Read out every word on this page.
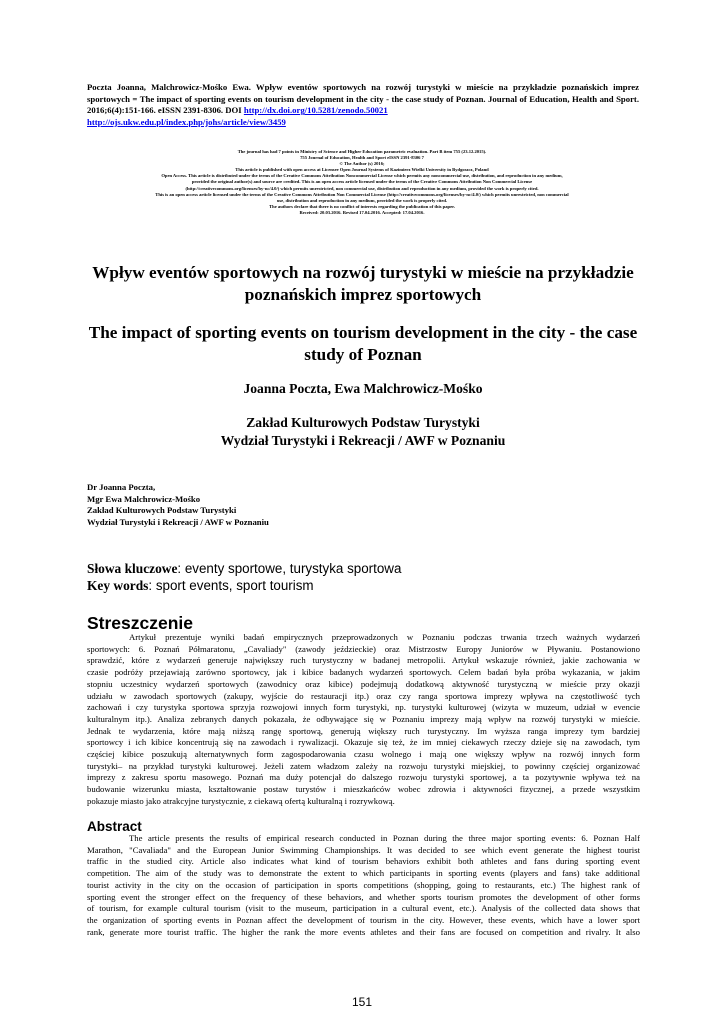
Poczta Joanna, Malchrowicz-Mośko Ewa. Wpływ eventów sportowych na rozwój turystyki w mieście na przykładzie poznańskich imprez sportowych = The impact of sporting events on tourism development in the city - the case study of Poznan. Journal of Education, Health and Sport. 2016;6(4):151-166. eISSN 2391-8306. DOI http://dx.doi.org/10.5281/zenodo.50021
http://ojs.ukw.edu.pl/index.php/johs/article/view/3459
The journal has had 7 points in Ministry of Science and Higher Education parametric evaluation. Part B item 755 (23.12.2015).
755 Journal of Education, Health and Sport eISSN 2391-8306 7
© The Author (s) 2016;
This article is published with open access at Licensee Open Journal Systems of Kazimierz Wielki University in Bydgoszcz, Poland
Open Access. This article is distributed under the terms of the Creative Commons Attribution Noncommercial License which permits any noncommercial use, distribution, and reproduction in any medium,
provided the original author(s) and source are credited. This is an open access article licensed under the terms of the Creative Commons Attribution Non Commercial License
(http://creativecommons.org/licenses/by-nc/4.0/) which permits unrestricted, non commercial use, distribution and reproduction in any medium, provided the work is properly cited.
This is an open access article licensed under the terms of the Creative Commons Attribution Non Commercial License (http://creativecommons.org/licenses/by-nc/4.0/) which permits unrestricted, non commercial
use, distribution and reproduction in any medium, provided the work is properly cited.
The authors declare that there is no conflict of interests regarding the publication of this paper.
Received: 20.03.2016. Revised 17.04.2016. Accepted: 17.04.2016.
Wpływ eventów sportowych na rozwój turystyki w mieście na przykładzie
poznańskich imprez sportowych
The impact of sporting events on tourism development in the city - the case
study of Poznan
Joanna Poczta, Ewa Malchrowicz-Mośko
Zakład Kulturowych Podstaw Turystyki
Wydział Turystyki i Rekreacji / AWF w Poznaniu
Dr Joanna Poczta,
Mgr Ewa Malchrowicz-Mośko
Zakład Kulturowych Podstaw Turystyki
Wydział Turystyki i Rekreacji / AWF w Poznaniu
Słowa kluczowe: eventy sportowe, turystyka sportowa
Key words: sport events, sport tourism
Streszczenie
Artykuł prezentuje wyniki badań empirycznych przeprowadzonych w Poznaniu podczas trwania trzech ważnych wydarzeń
sportowych: 6. Poznań Półmaratonu, „Cavaliady" (zawody jeździeckie) oraz Mistrzostw Europy Juniorów w Pływaniu. Postanowiono
sprawdzić, które z wydarzeń generuje największy ruch turystyczny w badanej metropolii. Artykuł wskazuje również, jakie zachowania w
czasie podróży przejawiają zarówno sportowcy, jak i kibice badanych wydarzeń sportowych. Celem badań była próba wykazania, w jakim
stopniu uczestnicy wydarzeń sportowych (zawodnicy oraz kibice) podejmują dodatkową aktywność turystyczną w mieście przy okazji
udziału w zawodach sportowych (zakupy, wyjście do restauracji itp.) oraz czy ranga sportowa imprezy wpływa na częstotliwość tych
zachowań i czy turystyka sportowa sprzyja rozwojowi innych form turystyki, np. turystyki kulturowej (wizyta w muzeum, udział w evencie
kulturalnym itp.). Analiza zebranych danych pokazała, że odbywające się w Poznaniu imprezy mają wpływ na rozwój turystyki w mieście.
Jednak te wydarzenia, które mają niższą rangę sportową, generują większy ruch turystyczny. Im wyższa ranga imprezy tym bardziej
sportowcy i ich kibice koncentrują się na zawodach i rywalizacji. Okazuje się też, że im mniej ciekawych rzeczy dzieje się na zawodach, tym
częściej kibice poszukują alternatywnych form zagospodarowania czasu wolnego i mają one większy wpływ na rozwój innych form
turystyki– na przykład turystyki kulturowej. Jeżeli zatem władzom zależy na rozwoju turystyki miejskiej, to powinny częściej organizować
imprezy z zakresu sportu masowego. Poznań ma duży potencjał do dalszego rozwoju turystyki sportowej, a ta pozytywnie wpływa też na
budowanie wizerunku miasta, kształtowanie postaw turystów i mieszkańców wobec zdrowia i aktywności fizycznej, a przede wszystkim
pokazuje miasto jako atrakcyjne turystycznie, z ciekawą ofertą kulturalną i rozrywkową.
Abstract
The article presents the results of empirical research conducted in Poznan during the three major sporting events: 6. Poznan Half
Marathon, "Cavaliada" and the European Junior Swimming Championships. It was decided to see which event generate the highest tourist
traffic in the studied city. Article also indicates what kind of tourism behaviors exhibit both athletes and fans during sporting event
competition. The aim of the study was to demonstrate the extent to which participants in sporting events (players and fans) take additional
tourist activity in the city on the occasion of participation in sports competitions (shopping, going to restaurants, etc.) The highest rank of
sporting event the stronger effect on the frequency of these behaviors, and whether sports tourism promotes the development of other forms
of tourism, for example cultural tourism (visit to the museum, participation in a cultural event, etc.). Analysis of the collected data shows that
the organization of sporting events in Poznan affect the development of tourism in the city. However, these events, which have a lower sport
rank, generate more tourist traffic. The higher the rank the more events athletes and their fans are focused on competition and rivalry. It also
151
